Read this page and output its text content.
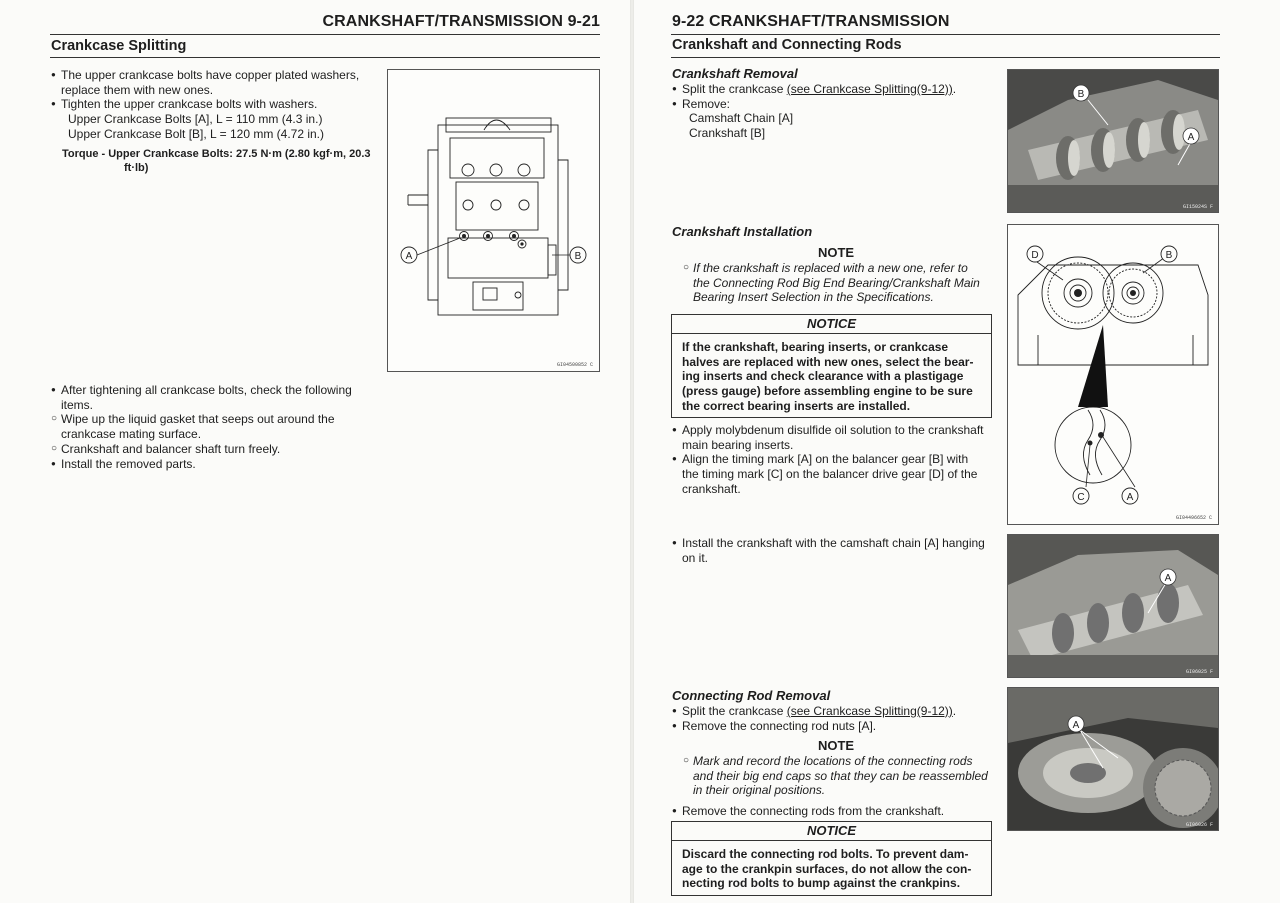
CRANKSHAFT/TRANSMISSION 9-21
Crankcase Splitting
● The upper crankcase bolts have copper plated washers,
replace them with new ones.
● Tighten the upper crankcase bolts with washers.
Upper Crankcase Bolts [A], L = 110 mm (4.3 in.)
Upper Crankcase Bolt [B], L = 120 mm (4.72 in.)
Torque - Upper Crankcase Bolts: 27.5 N·m (2.80 kgf·m, 20.3
ft·lb)
A	B
GI04500852 C
● After tightening all crankcase bolts, check the following
items.
○ Wipe up the liquid gasket that seeps out around the
crankcase mating surface.
○ Crankshaft and balancer shaft turn freely.
● Install the removed parts.
9-22 CRANKSHAFT/TRANSMISSION
Crankshaft and Connecting Rods
Crankshaft Removal
● Split the crankcase (see Crankcase Splitting(9-12)).
● Remove:
Camshaft Chain [A]
Crankshaft [B]
B
A
GI15024S F
Crankshaft Installation
NOTE
○ If the crankshaft is replaced with a new one, refer to
the Connecting Rod Big End Bearing/Crankshaft Main
Bearing Insert Selection in the Specifications.
NOTICE
If the crankshaft, bearing inserts, or crankcase
halves are replaced with new ones, select the bear-
ing inserts and check clearance with a plastigage
(press gauge) before assembling engine to be sure
the correct bearing inserts are installed.
● Apply molybdenum disulfide oil solution to the crankshaft
main bearing inserts.
● Align the timing mark [A] on the balancer gear [B] with
the timing mark [C] on the balancer drive gear [D] of the
crankshaft.
D	B
C	A
GI04496652 C
● Install the crankshaft with the camshaft chain [A] hanging
on it.
A
GI06025 F
Connecting Rod Removal
● Split the crankcase (see Crankcase Splitting(9-12)).
● Remove the connecting rod nuts [A].
NOTE
○ Mark and record the locations of the connecting rods
and their big end caps so that they can be reassembled
in their original positions.
● Remove the connecting rods from the crankshaft.
NOTICE
Discard the connecting rod bolts. To prevent dam-
age to the crankpin surfaces, do not allow the con-
necting rod bolts to bump against the crankpins.
A
GI06026 F
